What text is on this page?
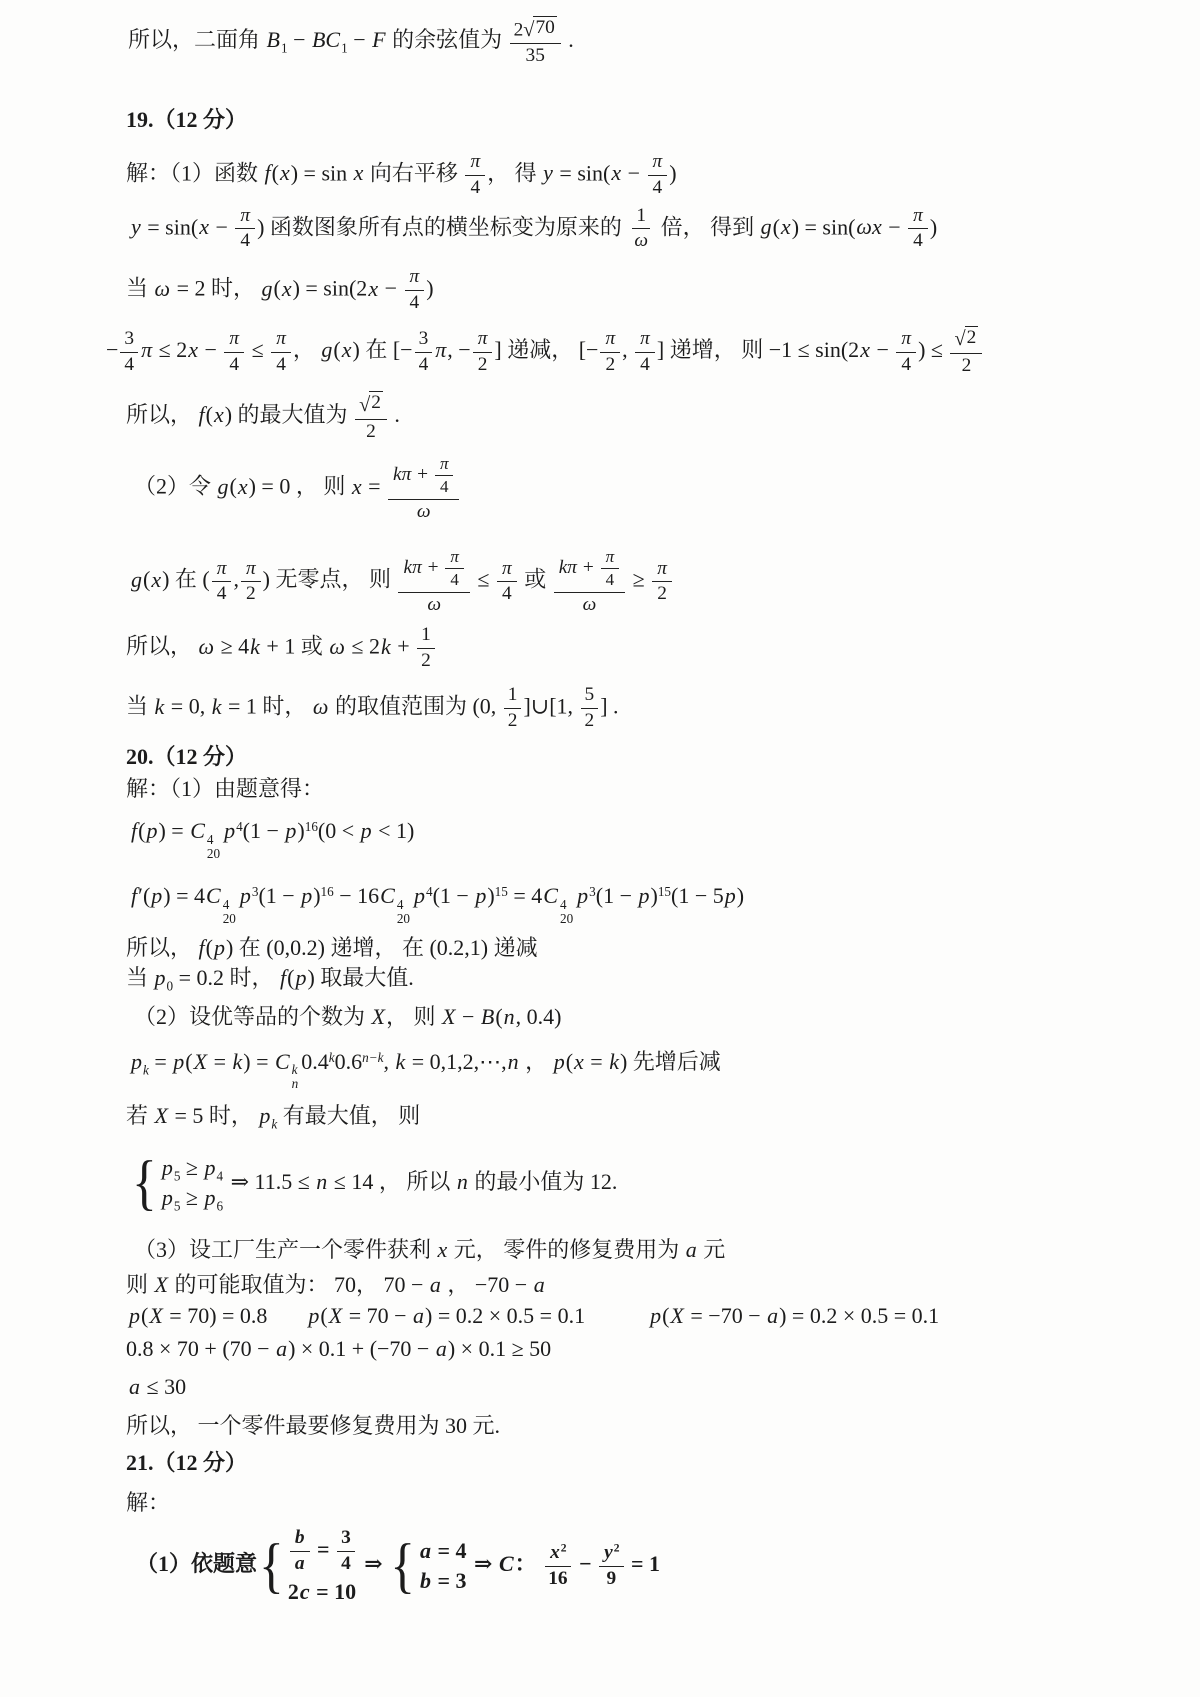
所以，二面角 $B_1 - BC_1 - F$ 的余弦值为 $\frac{2 √ 70}{35}$ .
19.（12 分）
解：（1）函数 f(x) = sin x 向右平移 $\frac{\pi}{4}$ ， 得 $y = \sin(x - \frac{\pi}{4}$ )
$y = \sin(x - \frac{\pi}{4}$ ) 函数图象所有点的横坐标变为原来的 $\frac{1}{\omega}$ 倍， 得到 $g(x) = \sin(\omega x - \frac{\pi}{4}$ )
当 ω = 2 时， $g(x) = \sin(2x - \frac{\pi}{4}$ )
− $\frac{3}{4}$ $\pi \le 2x - \frac{\pi}{4} \le \frac{\pi}{4}$ ， g(x) 在 [− $\frac{3}{4} \pi$, − $\frac{\pi}{2}$ ] 递减， [− $\frac{\pi}{2}$ , $\frac{\pi}{4}$ ] 递增， 则 $-1 \le \sin(2x - \frac{\pi}{4}$ ) ≤ $\frac{√ 2}{2}$
所以， f(x) 的最大值为 $\frac{√ 2}{2}$ .
（2）令 g(x) = 0 ， 则 $x = \frac{k\pi + \frac{\pi}{4}}{\omega}$
g(x) 在 ( $\frac{\pi}{4}$ , $\frac{\pi}{2}$ ) 无零点， 则 $\frac{k\pi + \frac{\pi}{4}}{\omega} \le \frac{\pi}{4}$ 或 $\frac{k\pi + \frac{\pi}{4}}{\omega} \ge \frac{\pi}{2}$
所以， ω ≥ 4k + 1 或 $\omega \le 2k + \frac{1}{2}$
当 k = 0, k = 1 时， ω 的取值范围为 (0, $\frac{1}{2}$ ]∪[1, $\frac{5}{2}$ ] .
20.（12 分）
解：（1）由题意得：
f(p) = C 4
20
$p^4(1 - p)^{16}(0 < p < 1)$
f′(p) = 4C 4
20
$p^3(1 - p)^{16} - 16C$ 4
20
$p^4(1 - p)^{15} = 4C$ 4
20
$p^3(1 - p)^{15}(1 - 5p)$
所以， f(p) 在 (0,0.2) 递增， 在 (0.2,1) 递减
当 $p_0 = 0.2$ 时， f(p) 取最大值.
（2）设优等品的个数为 X， 则 X − B(n, 0.4)
$p_k = p(X = k) = C$ k
n
$0.4^k0.6^{n-k}$, k = 0,1,2,⋯,n ， p(x = k) 先增后减
若 X = 5 时， $p_k$ 有最大值， 则
{ $p_5 \ge p_4$
$p_5 \ge p_6$
⇒ 11.5 ≤ n ≤ 14 ， 所以 n 的最小值为 12.
（3）设工厂生产一个零件获利 x 元， 零件的修复费用为 a 元
则 X 的可能取值为： 70， 70 − a ， −70 − a
p(X = 70) = 0.8 p(X = 70 − a) = 0.2 × 0.5 = 0.1	p(X = −70 − a) = 0.2 × 0.5 = 0.1
0.8 × 70 + (70 − a) × 0.1 + (−70 − a) × 0.1 ≥ 50
a ≤ 30
所以， 一个零件最要修复费用为 30 元.
21.（12 分）
解：
（1）依题意 { $\frac{b}{a} = \frac{3}{4}$
2c = 10
⇒ { a = 4
b = 3
⇒ C： $\frac{x^2}{16} - \frac{y^2}{9} = 1$
